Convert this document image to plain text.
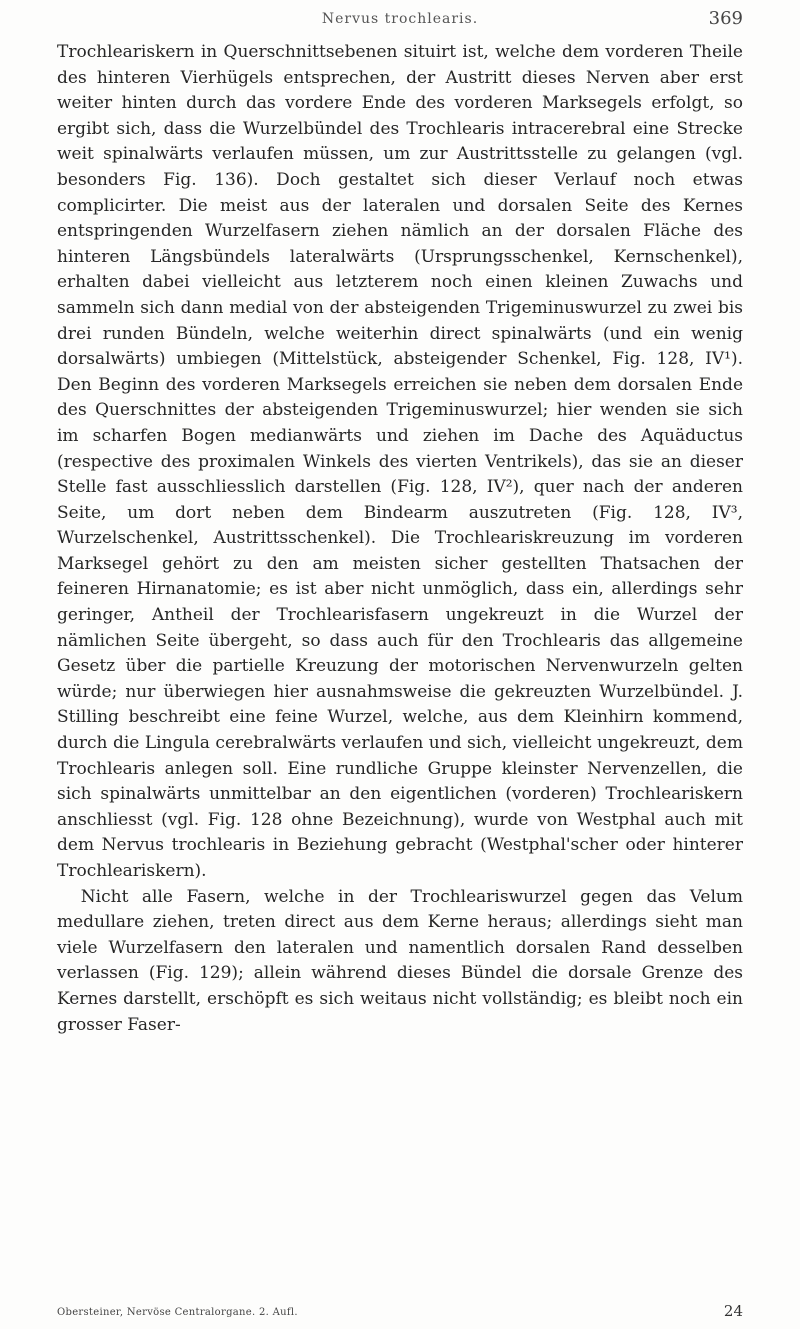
Nervus trochlearis.	369

Trochleariskern in Querschnittsebenen situirt ist, welche dem vorderen Theile des hinteren Vierhügels entsprechen, der Austritt dieses Nerven aber erst weiter hinten durch das vordere Ende des vorderen Marksegels erfolgt, so ergibt sich, dass die Wurzelbündel des Trochlearis intracerebral eine Strecke weit spinalwärts verlaufen müssen, um zur Austrittsstelle zu gelangen (vgl. besonders Fig. 136). Doch gestaltet sich dieser Verlauf noch etwas complicirter. Die meist aus der lateralen und dorsalen Seite des Kernes entspringenden Wurzelfasern ziehen nämlich an der dorsalen Fläche des hinteren Längsbündels lateralwärts (Ursprungsschenkel, Kernschenkel), erhalten dabei vielleicht aus letzterem noch einen kleinen Zuwachs und sammeln sich dann medial von der absteigenden Trigeminuswurzel zu zwei bis drei runden Bündeln, welche weiterhin direct spinalwärts (und ein wenig dorsalwärts) umbiegen (Mittelstück, absteigender Schenkel, Fig. 128, IV¹). Den Beginn des vorderen Marksegels erreichen sie neben dem dorsalen Ende des Querschnittes der absteigenden Trigeminuswurzel; hier wenden sie sich im scharfen Bogen medianwärts und ziehen im Dache des Aquäductus (respective des proximalen Winkels des vierten Ventrikels), das sie an dieser Stelle fast ausschliesslich darstellen (Fig. 128, IV²), quer nach der anderen Seite, um dort neben dem Bindearm auszutreten (Fig. 128, IV³, Wurzelschenkel, Austrittsschenkel). Die Trochleariskreuzung im vorderen Marksegel gehört zu den am meisten sicher gestellten Thatsachen der feineren Hirnanatomie; es ist aber nicht unmöglich, dass ein, allerdings sehr geringer, Antheil der Trochlearisfasern ungekreuzt in die Wurzel der nämlichen Seite übergeht, so dass auch für den Trochlearis das allgemeine Gesetz über die partielle Kreuzung der motorischen Nervenwurzeln gelten würde; nur überwiegen hier ausnahmsweise die gekreuzten Wurzelbündel. J. Stilling beschreibt eine feine Wurzel, welche, aus dem Kleinhirn kommend, durch die Lingula cerebralwärts verlaufen und sich, vielleicht ungekreuzt, dem Trochlearis anlegen soll. Eine rundliche Gruppe kleinster Nervenzellen, die sich spinalwärts unmittelbar an den eigentlichen (vorderen) Trochleariskern anschliesst (vgl. Fig. 128 ohne Bezeichnung), wurde von Westphal auch mit dem Nervus trochlearis in Beziehung gebracht (Westphal'scher oder hinterer Trochleariskern).

Nicht alle Fasern, welche in der Trochleariswurzel gegen das Velum medullare ziehen, treten direct aus dem Kerne heraus; allerdings sieht man viele Wurzelfasern den lateralen und namentlich dorsalen Rand desselben verlassen (Fig. 129); allein während dieses Bündel die dorsale Grenze des Kernes darstellt, erschöpft es sich weitaus nicht vollständig; es bleibt noch ein grosser Faser-

Obersteiner, Nervöse Centralorgane. 2. Aufl.	24
